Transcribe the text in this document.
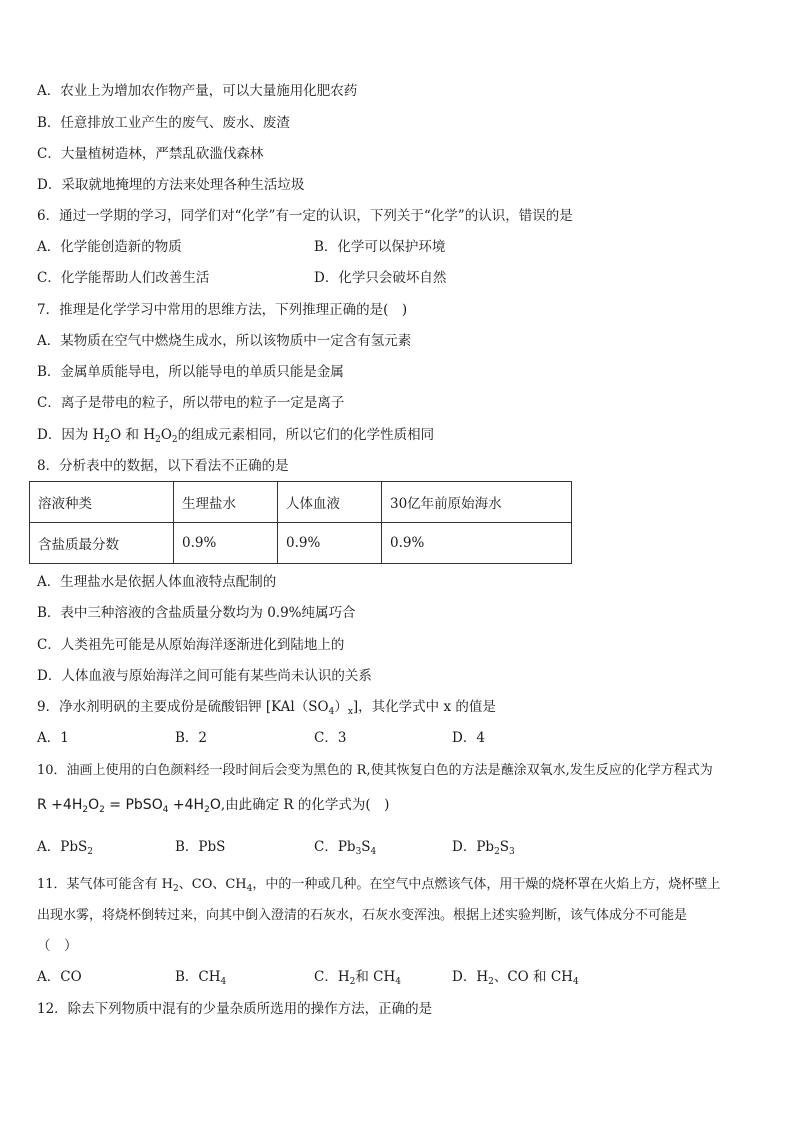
A．农业上为增加农作物产量，可以大量施用化肥农药
B．任意排放工业产生的废气、废水、废渣
C．大量植树造林，严禁乱砍滥伐森林
D．采取就地掩埋的方法来处理各种生活垃圾
6．通过一学期的学习，同学们对“化学”有一定的认识，下列关于“化学”的认识，错误的是
A．化学能创造新的物质	B．化学可以保护环境
C．化学能帮助人们改善生活	D．化学只会破坏自然
7．推理是化学学习中常用的思维方法，下列推理正确的是(　)
A．某物质在空气中燃烧生成水，所以该物质中一定含有氢元素
B．金属单质能导电，所以能导电的单质只能是金属
C．离子是带电的粒子，所以带电的粒子一定是离子
D．因为 $H_2O$ 和 $H_2O_2$的组成元素相同，所以它们的化学性质相同
8．分析表中的数据，以下看法不正确的是
溶液种类	生理盐水	人体血液	30亿年前原始海水
含盐质最分数	0.9%	0.9%	0.9%
A．生理盐水是依据人体血液特点配制的
B．表中三种溶液的含盐质量分数均为 0.9%纯属巧合
C．人类祖先可能是从原始海洋逐渐进化到陆地上的
D．人体血液与原始海洋之间可能有某些尚未认识的关系
9．净水剂明矾的主要成份是硫酸铝钾 $[KAl(SO_4)_x]$，其化学式中 x 的值是
A．1	B．2	C．3	D．4
10．油画上使用的白色颜料经一段时间后会变为黑色的 R,使其恢复白色的方法是蘸涂双氧水,发生反应的化学方程式为
$R +4H_2O_2$ = PbSO$_4$ $+4H_2O$,由此确定 R 的化学式为(　)
A．PbS$_2$	B．PbS	C．$Pb_3S_4$	D．$Pb_2S_3$
11．某气体可能含有 $H_2$、CO、$CH_4$，中的一种或几种。在空气中点燃该气体，用干燥的烧杯罩在火焰上方，烧杯壁上
出现水雾，将烧杯倒转过来，向其中倒入澄清的石灰水，石灰水变浑浊。根据上述实验判断，该气体成分不可能是
（　）
A．CO	B．$CH_4$	C．$H_2$和 $CH_4$	D．$H_2$、CO 和 $CH_4$
12．除去下列物质中混有的少量杂质所选用的操作方法，正确的是
